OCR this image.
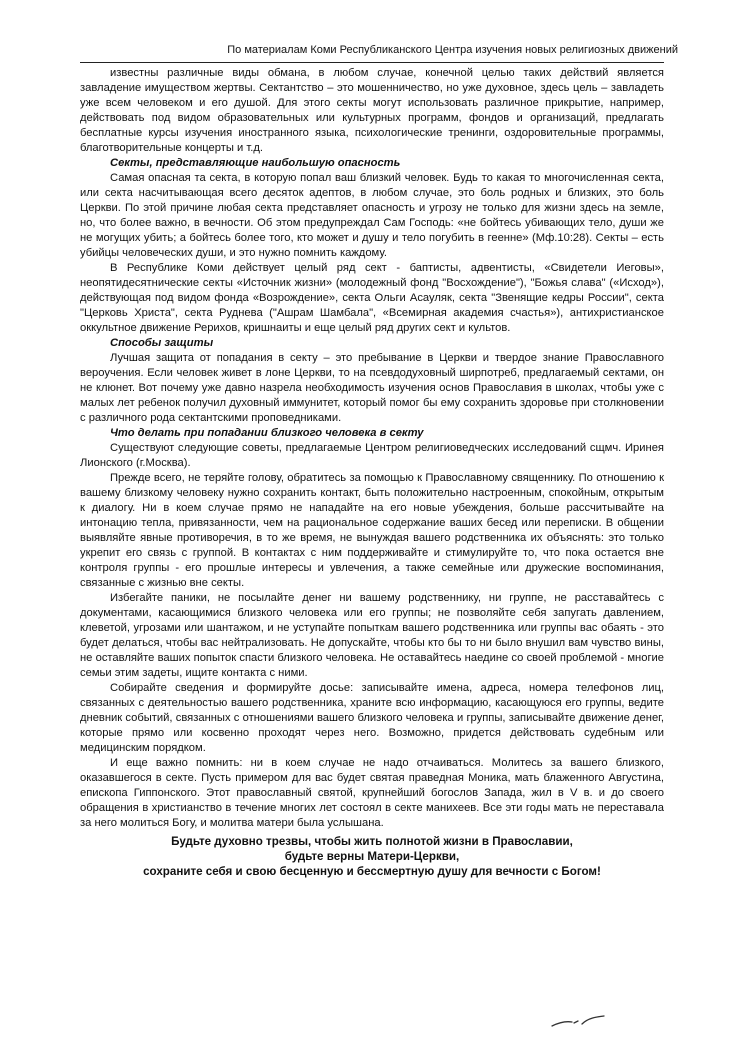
По материалам Коми Республиканского Центра изучения новых религиозных движений

известны различные виды обмана, в любом случае, конечной целью таких действий является завладение имуществом жертвы. Сектантство – это мошенничество, но уже духовное, здесь цель – завладеть уже всем человеком и его душой. Для этого секты могут использовать различное прикрытие, например, действовать под видом образовательных или культурных программ, фондов и организаций, предлагать бесплатные курсы изучения иностранного языка, психологические тренинги, оздоровительные программы, благотворительные концерты и т.д.

Секты, представляющие наибольшую опасность

Самая опасная та секта, в которую попал ваш близкий человек. Будь то какая то многочисленная секта, или секта насчитывающая всего десяток адептов, в любом случае, это боль родных и близких, это боль Церкви. По этой причине любая секта представляет опасность и угрозу не только для жизни здесь на земле, но, что более важно, в вечности. Об этом предупреждал Сам Господь: «не бойтесь убивающих тело, души же не могущих убить; а бойтесь более того, кто может и душу и тело погубить в геенне» (Мф.10:28). Секты – есть убийцы человеческих души, и это нужно помнить каждому.

В Республике Коми действует целый ряд сект - баптисты, адвентисты, «Свидетели Иеговы», неопятидесятнические секты «Источник жизни» (молодежный фонд "Восхождение"), "Божья слава" («Исход»), действующая под видом фонда «Возрождение», секта Ольги Асауляк, секта "Звенящие кедры России", секта "Церковь Христа", секта Руднева ("Ашрам Шамбала", «Всемирная академия счастья»), антихристианское оккультное движение Рерихов, кришнаиты и еще целый ряд других сект и культов.

Способы защиты

Лучшая защита от попадания в секту – это пребывание в Церкви и твердое знание Православного вероучения. Если человек живет в лоне Церкви, то на псевдодуховный ширпотреб, предлагаемый сектами, он не клюнет. Вот почему уже давно назрела необходимость изучения основ Православия в школах, чтобы уже с малых лет ребенок получил духовный иммунитет, который помог бы ему сохранить здоровье при столкновении с различного рода сектантскими проповедниками.

Что делать при попадании близкого человека в секту

Существуют следующие советы, предлагаемые Центром религиоведческих исследований сщмч. Иринея Лионского (г.Москва).

Прежде всего, не теряйте голову, обратитесь за помощью к Православному священнику. По отношению к вашему близкому человеку нужно сохранить контакт, быть положительно настроенным, спокойным, открытым к диалогу. Ни в коем случае прямо не нападайте на его новые убеждения, больше рассчитывайте на интонацию тепла, привязанности, чем на рациональное содержание ваших бесед или переписки. В общении выявляйте явные противоречия, в то же время, не вынуждая вашего родственника их объяснять: это только укрепит его связь с группой. В контактах с ним поддерживайте и стимулируйте то, что пока остается вне контроля группы - его прошлые интересы и увлечения, а также семейные или дружеские воспоминания, связанные с жизнью вне секты.

Избегайте паники, не посылайте денег ни вашему родственнику, ни группе, не расставайтесь с документами, касающимися близкого человека или его группы; не позволяйте себя запугать давлением, клеветой, угрозами или шантажом, и не уступайте попыткам вашего родственника или группы вас обаять - это будет делаться, чтобы вас нейтрализовать. Не допускайте, чтобы кто бы то ни было внушил вам чувство вины, не оставляйте ваших попыток спасти близкого человека. Не оставайтесь наедине со своей проблемой - многие семьи этим задеты, ищите контакта с ними.

Собирайте сведения и формируйте досье: записывайте имена, адреса, номера телефонов лиц, связанных с деятельностью вашего родственника, храните всю информацию, касающуюся его группы, ведите дневник событий, связанных с отношениями вашего близкого человека и группы, записывайте движение денег, которые прямо или косвенно проходят через него. Возможно, придется действовать судебным или медицинским порядком.

И еще важно помнить: ни в коем случае не надо отчаиваться. Молитесь за вашего близкого, оказавшегося в секте. Пусть примером для вас будет святая праведная Моника, мать блаженного Августина, епископа Гиппонского. Этот православный святой, крупнейший богослов Запада, жил в V в. и до своего обращения в христианство в течение многих лет состоял в секте манихеев. Все эти годы мать не переставала за него молиться Богу, и молитва матери была услышана.

Будьте духовно трезвы, чтобы жить полнотой жизни в Православии,
будьте верны Матери-Церкви,
сохраните себя и свою бесценную и бессмертную душу для вечности с Богом!
